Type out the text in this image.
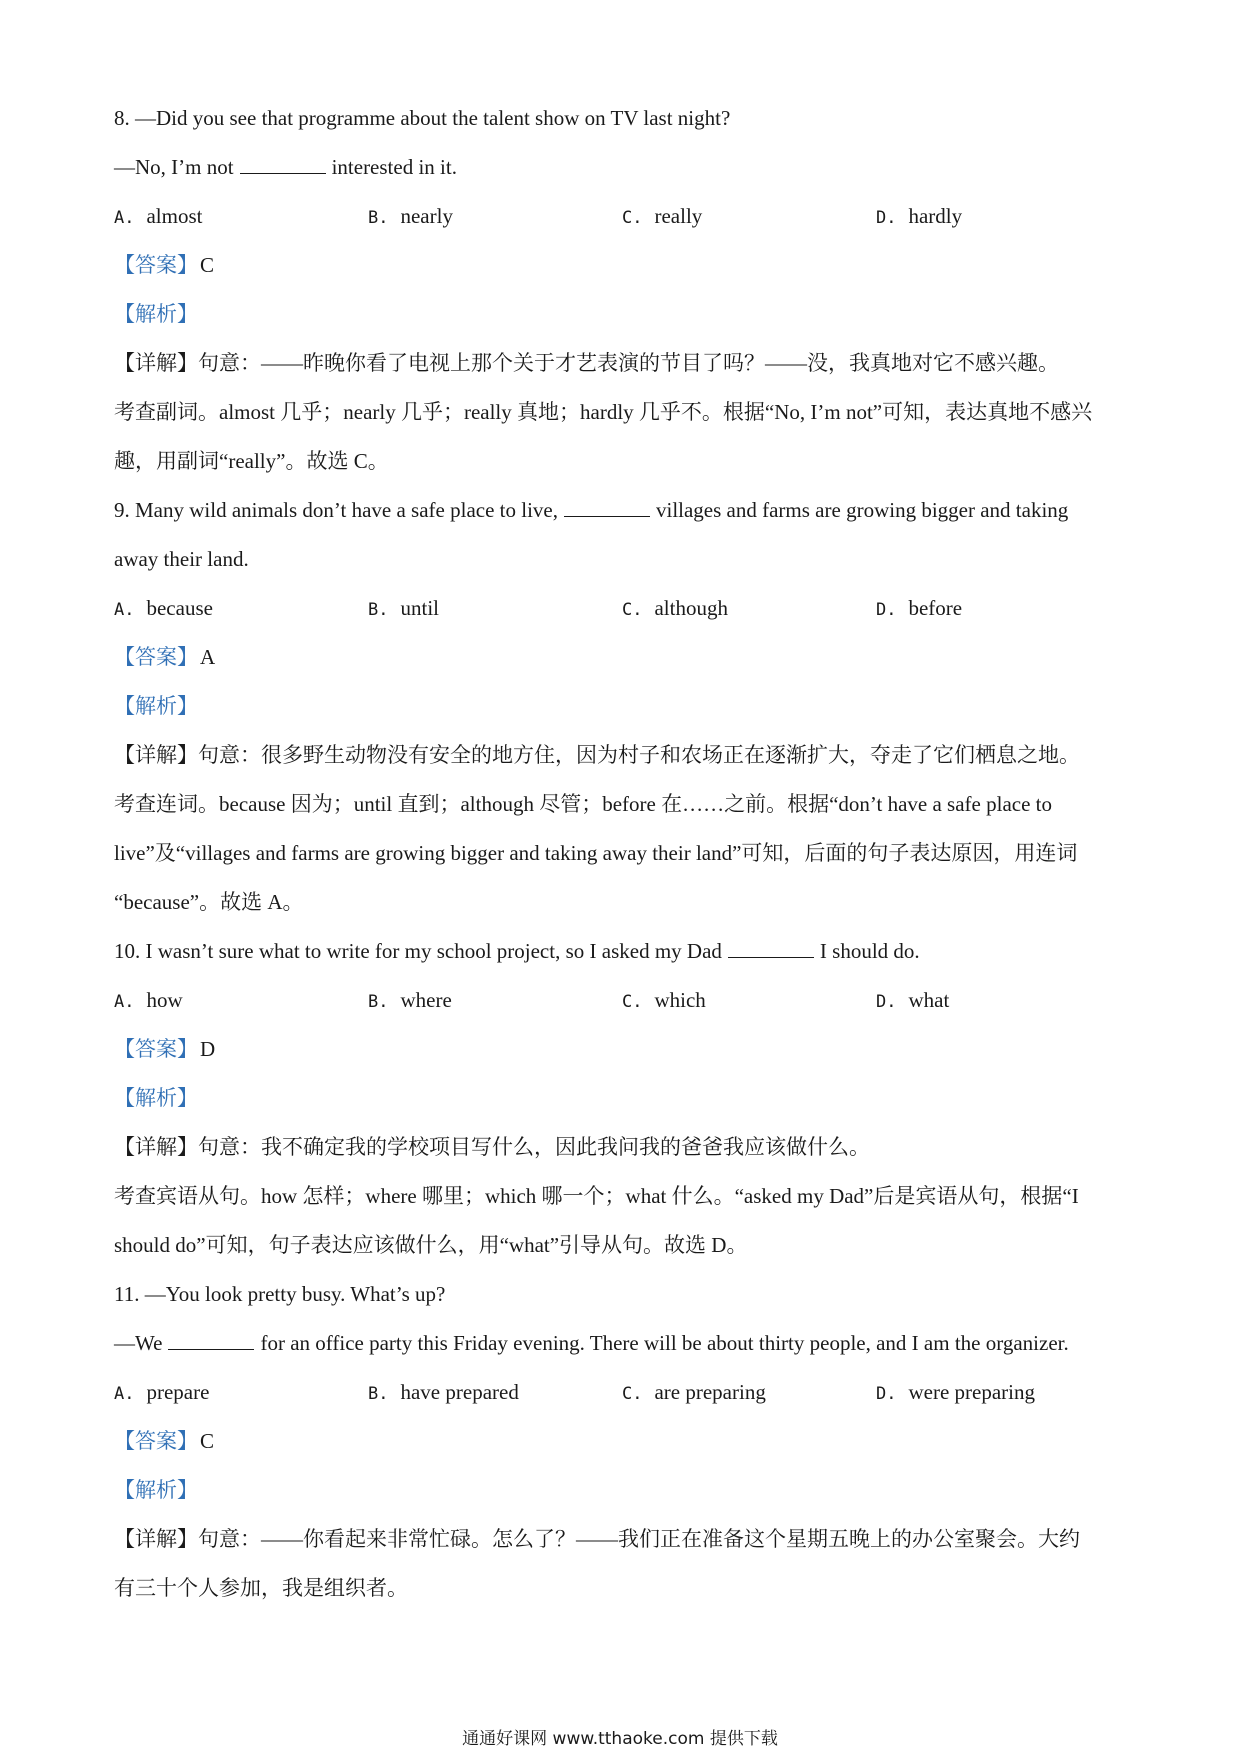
8. —Did you see that programme about the talent show on TV last night?
—No, I’m not	interested in it.
A. almost	B. nearly	C. really	D. hardly
【答案】C
【解析】
【详解】句意：——昨晚你看了电视上那个关于才艺表演的节目了吗？——没，我真地对它不感兴趣。
考查副词。almost 几乎；nearly 几乎；really 真地；hardly 几乎不。根据“No, I’m not”可知，表达真地不感兴
趣，用副词“really”。故选 C。
9. Many wild animals don’t have a safe place to live,	villages and farms are growing bigger and taking
away their land.
A. because	B. until	C. although	D. before
【答案】A
【解析】
【详解】句意：很多野生动物没有安全的地方住，因为村子和农场正在逐渐扩大，夺走了它们栖息之地。
考查连词。because 因为；until 直到；although 尽管；before 在……之前。根据“don’t have a safe place to
live”及“villages and farms are growing bigger and taking away their land”可知，后面的句子表达原因，用连词
“because”。故选 A。
10. I wasn’t sure what to write for my school project, so I asked my Dad	I should do.
A. how	B. where	C. which	D. what
【答案】D
【解析】
【详解】句意：我不确定我的学校项目写什么，因此我问我的爸爸我应该做什么。
考查宾语从句。how 怎样；where 哪里；which 哪一个；what 什么。“asked my Dad”后是宾语从句，根据“I
should do”可知，句子表达应该做什么，用“what”引导从句。故选 D。
11. —You look pretty busy. What’s up?
—We	for an office party this Friday evening. There will be about thirty people, and I am the organizer.
A. prepare	B. have prepared	C. are preparing	D. were preparing
【答案】C
【解析】
【详解】句意：——你看起来非常忙碌。怎么了？——我们正在准备这个星期五晚上的办公室聚会。大约
有三十个人参加，我是组织者。
通通好课网 www.tthaoke.com 提供下载
